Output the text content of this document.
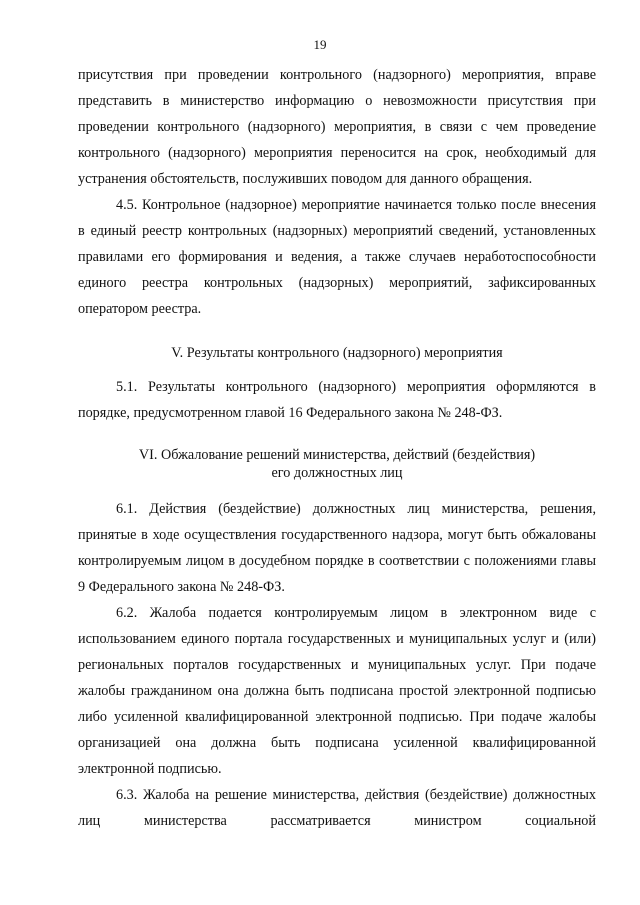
19

присутствия при проведении контрольного (надзорного) мероприятия, вправе представить в министерство информацию о невозможности присутствия при проведении контрольного (надзорного) мероприятия, в связи с чем проведение контрольного (надзорного) мероприятия переносится на срок, необходимый для устранения обстоятельств, послуживших поводом для данного обращения.

4.5. Контрольное (надзорное) мероприятие начинается только после внесения в единый реестр контрольных (надзорных) мероприятий сведений, установленных правилами его формирования и ведения, а также случаев неработоспособности единого реестра контрольных (надзорных) мероприятий, зафиксированных оператором реестра.

V. Результаты контрольного (надзорного) мероприятия

5.1. Результаты контрольного (надзорного) мероприятия оформляются в порядке, предусмотренном главой 16 Федерального закона № 248-ФЗ.

VI. Обжалование решений министерства, действий (бездействия)
его должностных лиц

6.1. Действия (бездействие) должностных лиц министерства, решения, принятые в ходе осуществления государственного надзора, могут быть обжалованы контролируемым лицом в досудебном порядке в соответствии с положениями главы 9 Федерального закона № 248-ФЗ.

6.2. Жалоба подается контролируемым лицом в электронном виде с использованием единого портала государственных и муниципальных услуг и (или) региональных порталов государственных и муниципальных услуг. При подаче жалобы гражданином она должна быть подписана простой электронной подписью либо усиленной квалифицированной электронной подписью. При подаче жалобы организацией она должна быть подписана усиленной квалифицированной электронной подписью.

6.3. Жалоба на решение министерства, действия (бездействие) должностных лиц министерства рассматривается министром социальной
